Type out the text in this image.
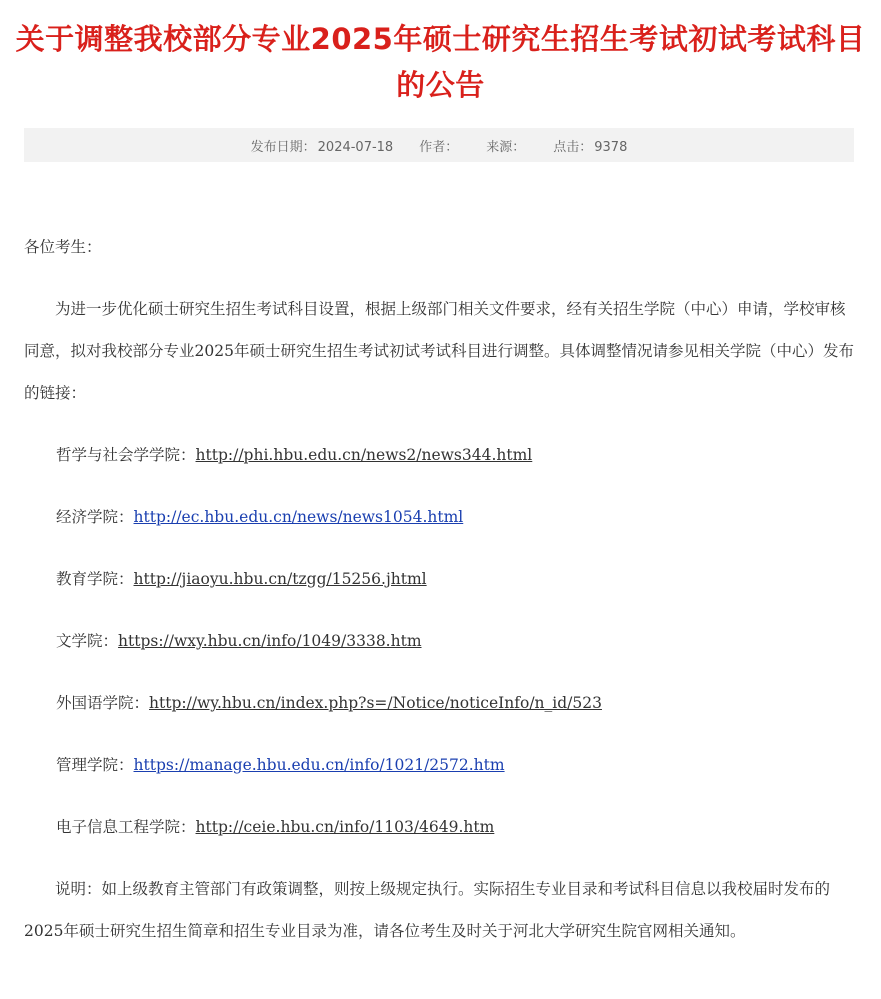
关于调整我校部分专业2025年硕士研究生招生考试初试考试科目的公告
发布日期： 2024-07-18 作者： 来源： 点击： 9378

各位考生：

为进一步优化硕士研究生招生考试科目设置，根据上级部门相关文件要求，经有关招生学院（中心）申请，学校审核同意，拟对我校部分专业2025年硕士研究生招生考试初试考试科目进行调整。具体调整情况请参见相关学院（中心）发布的链接：

哲学与社会学学院：http://phi.hbu.edu.cn/news2/news344.html

经济学院：http://ec.hbu.edu.cn/news/news1054.html

教育学院：http://jiaoyu.hbu.cn/tzgg/15256.jhtml

文学院：https://wxy.hbu.cn/info/1049/3338.htm

外国语学院：http://wy.hbu.cn/index.php?s=/Notice/noticeInfo/n_id/523

管理学院：https://manage.hbu.edu.cn/info/1021/2572.htm

电子信息工程学院：http://ceie.hbu.cn/info/1103/4649.htm

说明：如上级教育主管部门有政策调整，则按上级规定执行。实际招生专业目录和考试科目信息以我校届时发布的2025年硕士研究生招生简章和招生专业目录为准，请各位考生及时关于河北大学研究生院官网相关通知。
